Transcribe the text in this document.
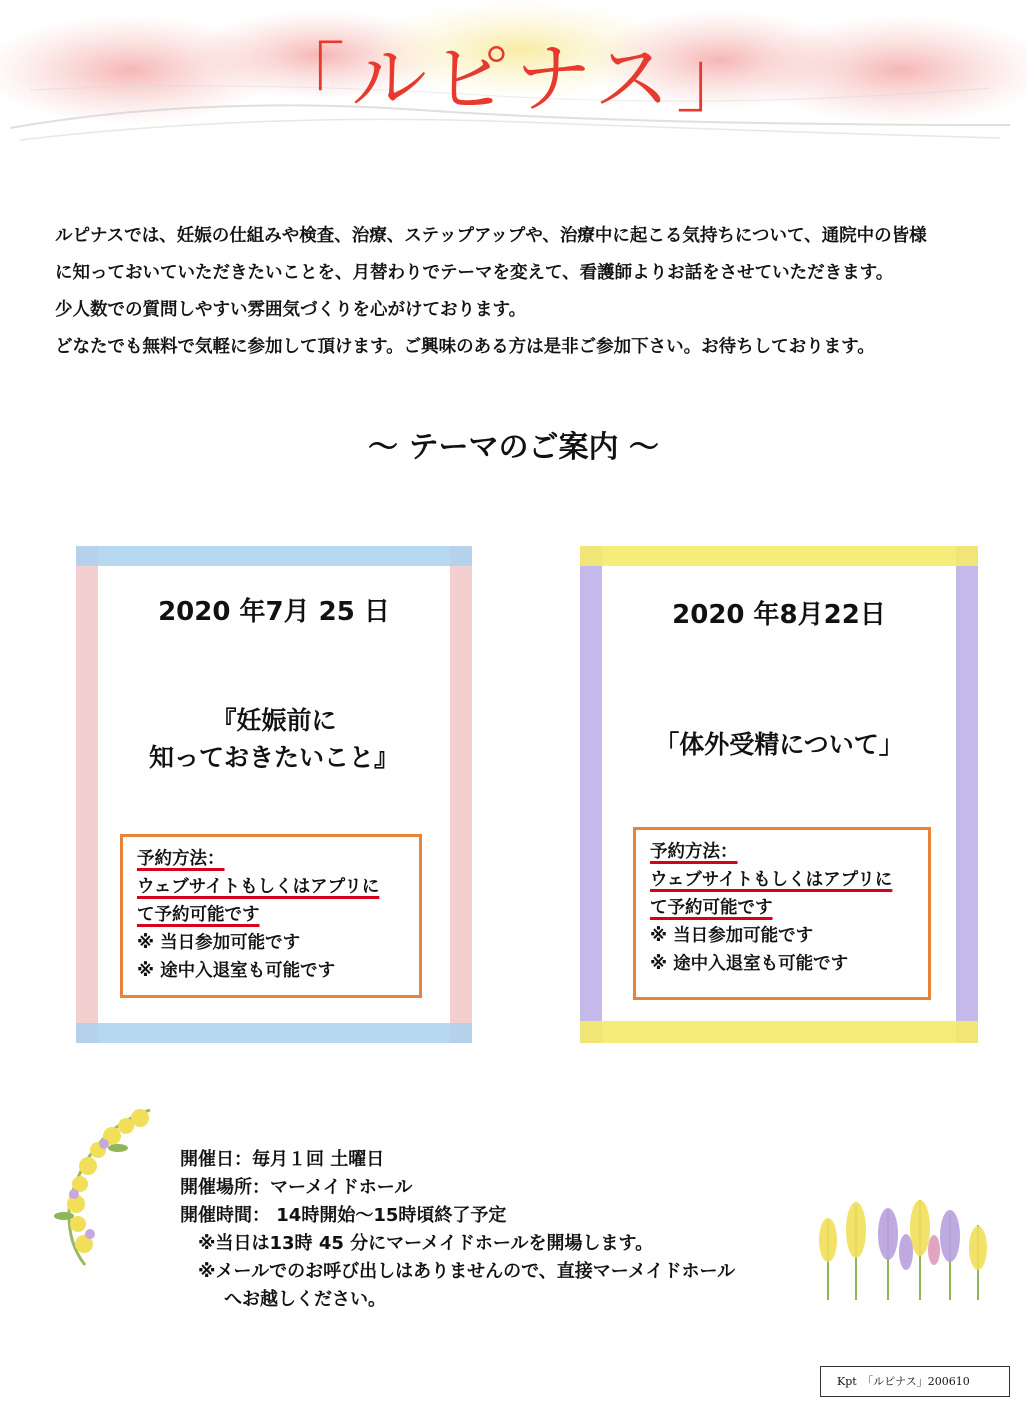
「ルピナス」

ルピナスでは、妊娠の仕組みや検査、治療、ステップアップや、治療中に起こる気持ちについて、通院中の皆様

に知っておいていただきたいことを、月替わりでテーマを変えて、看護師よりお話をさせていただきます。

少人数での質問しやすい雰囲気づくりを心がけております。

どなたでも無料で気軽に参加して頂けます。ご興味のある方は是非ご参加下さい。お待ちしております。

～ テーマのご案内 ～
2020 年7月 25 日
『妊娠前に
知っておきたいこと』
予約方法：
ウェブサイトもしくはアプリに
て予約可能です
※ 当日参加可能です
※ 途中入退室も可能です
2020 年8月22日
「体外受精について」
予約方法：
ウェブサイトもしくはアプリに
て予約可能です
※ 当日参加可能です
※ 途中入退室も可能です

開催日：毎月１回 土曜日

開催場所：マーメイドホール

開催時間： 14時開始～15時頃終了予定

※当日は13時 45 分にマーメイドホールを開場します。

※メールでのお呼び出しはありませんので、直接マーメイドホール

へお越しください。

Kpt　「ルピナス」200610
